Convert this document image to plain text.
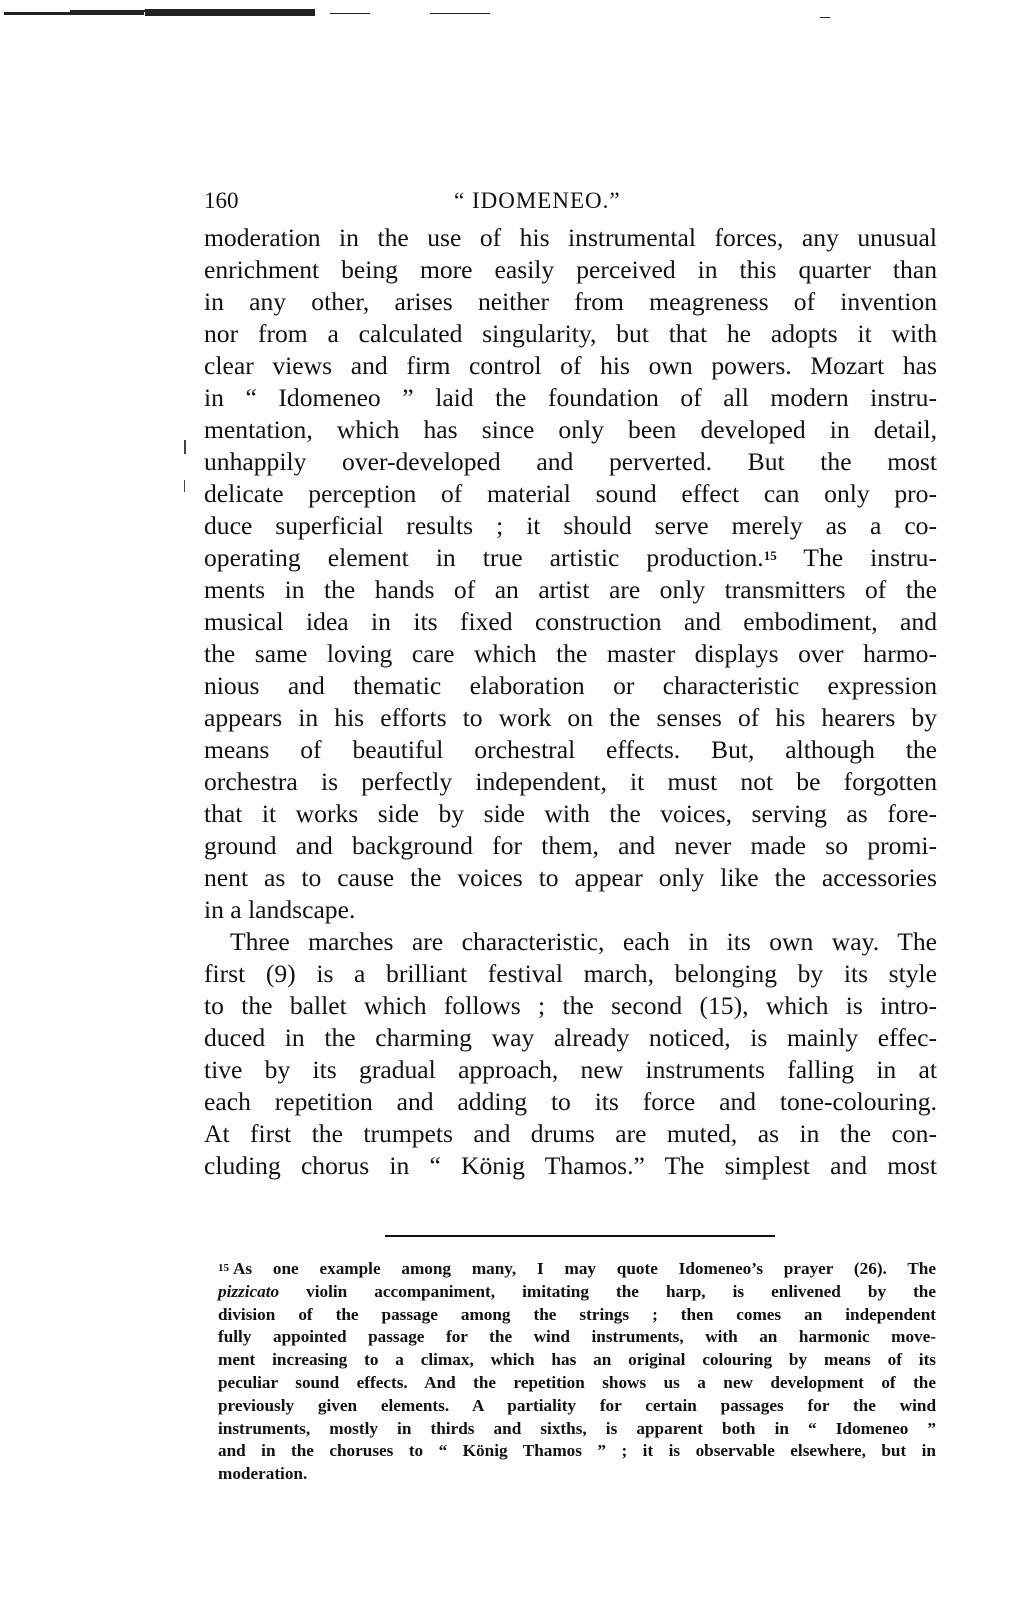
160	“ IDOMENEO.”
moderation in the use of his instrumental forces, any unusual
enrichment being more easily perceived in this quarter than
in any other, arises neither from meagreness of invention
nor from a calculated singularity, but that he adopts it with
clear views and firm control of his own powers. Mozart has
in “ Idomeneo ” laid the foundation of all modern instru-
mentation, which has since only been developed in detail,
unhappily over-developed and perverted. But the most
delicate perception of material sound effect can only pro-
duce superficial results ; it should serve merely as a co-
operating element in true artistic production.$^{15}$ The instru-
ments in the hands of an artist are only transmitters of the
musical idea in its fixed construction and embodiment, and
the same loving care which the master displays over harmo-
nious and thematic elaboration or characteristic expression
appears in his efforts to work on the senses of his hearers by
means of beautiful orchestral effects. But, although the
orchestra is perfectly independent, it must not be forgotten
that it works side by side with the voices, serving as fore-
ground and background for them, and never made so promi-
nent as to cause the voices to appear only like the accessories
in a landscape.
Three marches are characteristic, each in its own way. The
first (9) is a brilliant festival march, belonging by its style
to the ballet which follows ; the second (15), which is intro-
duced in the charming way already noticed, is mainly effec-
tive by its gradual approach, new instruments falling in at
each repetition and adding to its force and tone-colouring.
At first the trumpets and drums are muted, as in the con-
cluding chorus in “ König Thamos.” The simplest and most
$^{15}$ As one example among many, I may quote Idomeneo’s prayer (26). The
pizzicato violin accompaniment, imitating the harp, is enlivened by the
division of the passage among the strings ; then comes an independent
fully appointed passage for the wind instruments, with an harmonic move-
ment increasing to a climax, which has an original colouring by means of its
peculiar sound effects. And the repetition shows us a new development of the
previously given elements. A partiality for certain passages for the wind
instruments, mostly in thirds and sixths, is apparent both in “ Idomeneo ”
and in the choruses to “ König Thamos ” ; it is observable elsewhere, but in
moderation.
